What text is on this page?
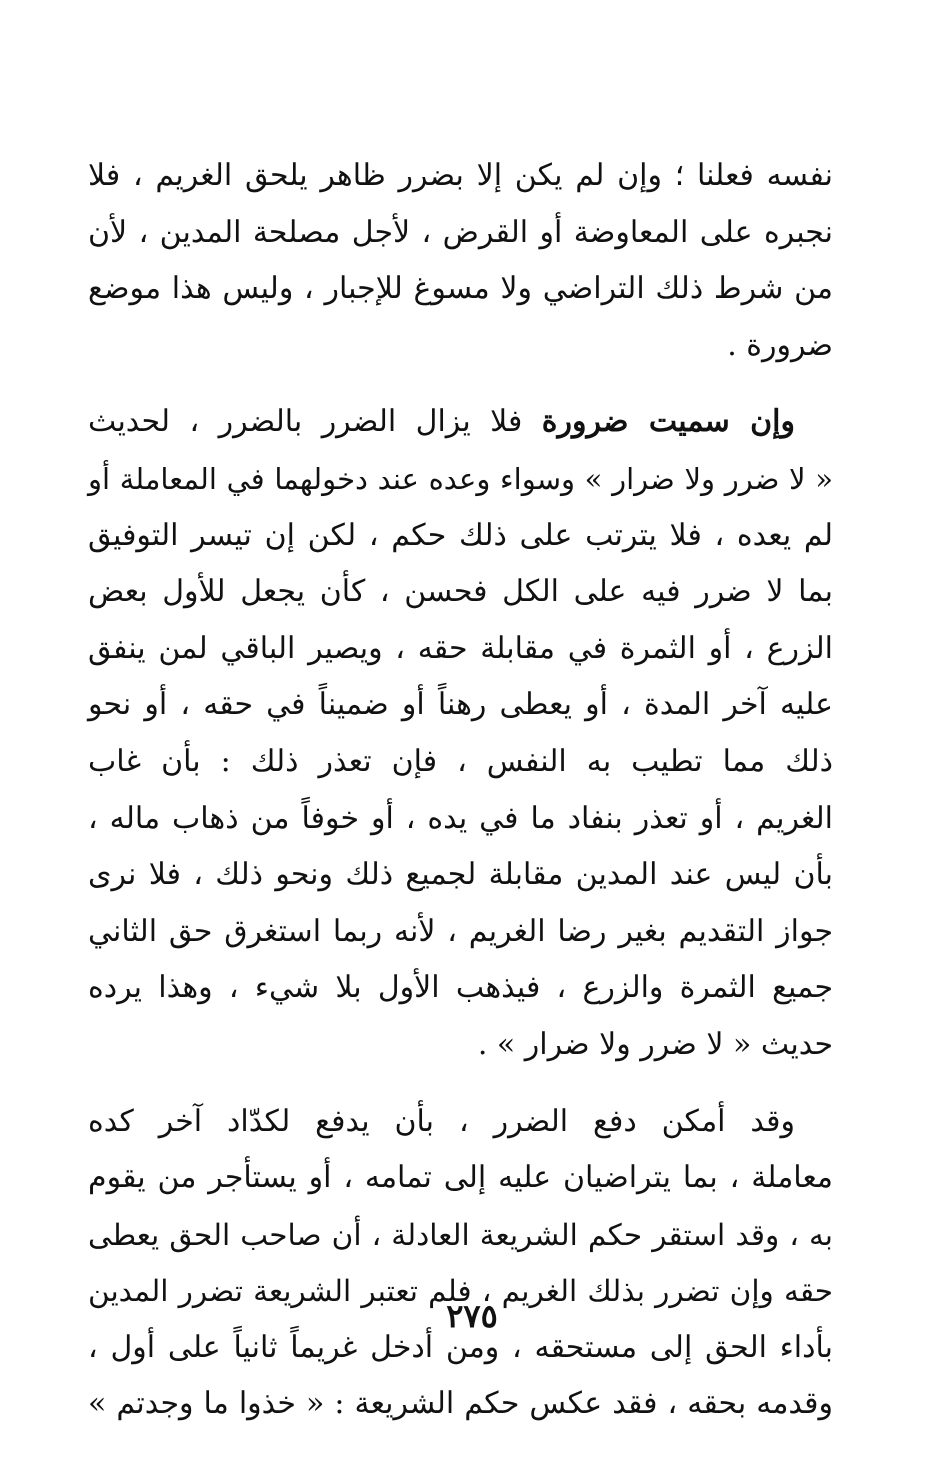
نفسه فعلنا ؛ وإن لم يكن إلا بضرر ظاهر يلحق الغريم ، فلا
نجبره على المعاوضة أو القرض ، لأجل مصلحة المدين ، لأن
من شرط ذلك التراضي ولا مسوغ للإجبار ، وليس هذا موضع
ضرورة .
وإن سميت ضرورة فلا يزال الضرر بالضرر ، لحديث
« لا ضرر ولا ضرار » وسواء وعده عند دخولهما في المعاملة أو
لم يعده ، فلا يترتب على ذلك حكم ، لكن إن تيسر التوفيق
بما لا ضرر فيه على الكل فحسن ، كأن يجعل للأول بعض
الزرع ، أو الثمرة في مقابلة حقه ، ويصير الباقي لمن ينفق
عليه آخر المدة ، أو يعطى رهناً أو ضميناً في حقه ، أو نحو
ذلك مما تطيب به النفس ، فإن تعذر ذلك : بأن غاب
الغريم ، أو تعذر بنفاد ما في يده ، أو خوفاً من ذهاب ماله ،
بأن ليس عند المدين مقابلة لجميع ذلك ونحو ذلك ، فلا نرى
جواز التقديم بغير رضا الغريم ، لأنه ربما استغرق حق الثاني
جميع الثمرة والزرع ، فيذهب الأول بلا شيء ، وهذا يرده
حديث « لا ضرر ولا ضرار » .
وقد أمكن دفع الضرر ، بأن يدفع لكدّاد آخر كده
معاملة ، بما يتراضيان عليه إلى تمامه ، أو يستأجر من يقوم
به ، وقد استقر حكم الشريعة العادلة ، أن صاحب الحق يعطى
حقه وإن تضرر بذلك الغريم ، فلم تعتبر الشريعة تضرر المدين
بأداء الحق إلى مستحقه ، ومن أدخل غريماً ثانياً على أول ،
وقدمه بحقه ، فقد عكس حكم الشريعة : « خذوا ما وجدتم »
٢٧٥
